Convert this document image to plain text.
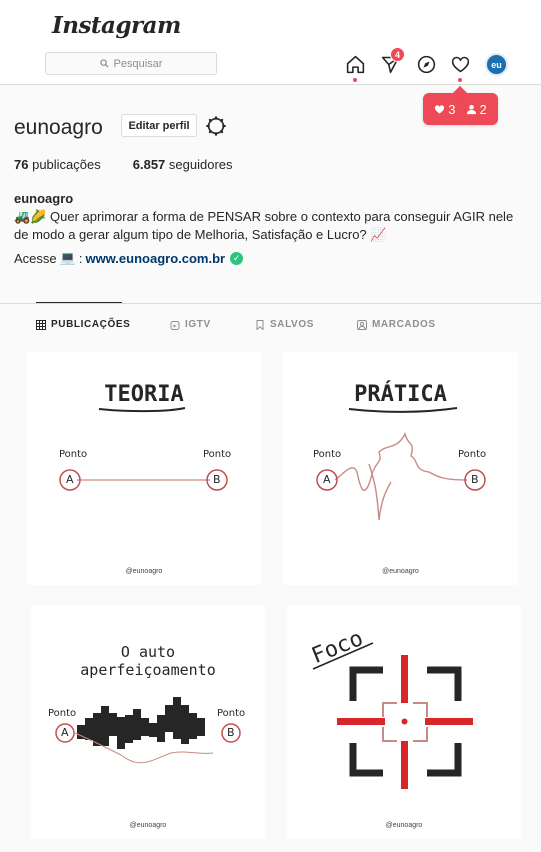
Instagram
Pesquisar
4
eu
3 2
eunoagro	Editar perfil
76 publicações 6.857 seguidores
eunoagro
🚜🌽 Quer aprimorar a forma de PENSAR sobre o contexto para conseguir AGIR nele de modo a gerar algum tipo de Melhoria, Satisfação e Lucro? 📈
Acesse 💻 : www.eunoagro.com.br ✓
PUBLICAÇÕES	IGTV	SALVOS	MARCADOS
TEORIA
Ponto	Ponto
A	B
@eunoagro
PRÁTICA
Ponto	Ponto
A	B
@eunoagro
O auto
aperfeiçoamento
Ponto	Ponto
A	B
@eunoagro
Foco
@eunoagro
